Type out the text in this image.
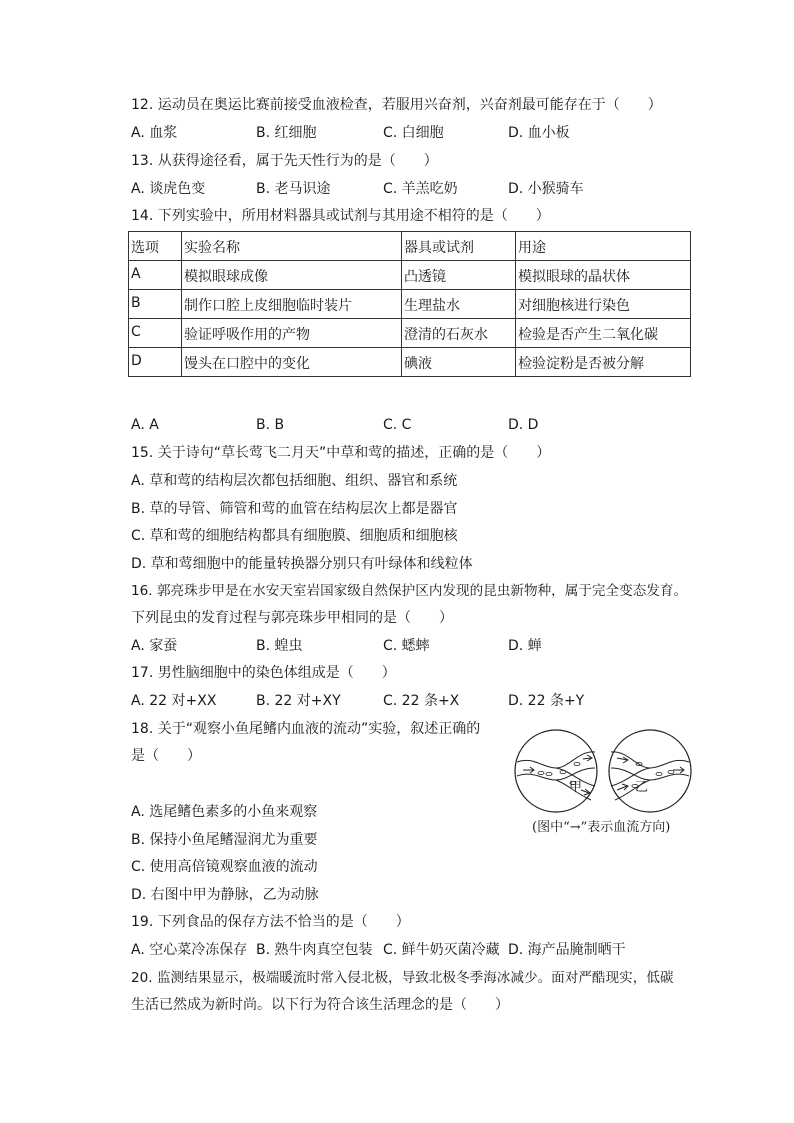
12. 运动员在奥运比赛前接受血液检查，若服用兴奋剂，兴奋剂最可能存在于（　　）
A. 血浆	B. 红细胞	C. 白细胞	D. 血小板
13. 从获得途径看，属于先天性行为的是（　　）
A. 谈虎色变	B. 老马识途	C. 羊羔吃奶	D. 小猴骑车
14. 下列实验中，所用材料器具或试剂与其用途不相符的是（　　）
选项	实验名称	器具或试剂	用途
A	模拟眼球成像	凸透镜	模拟眼球的晶状体
B	制作口腔上皮细胞临时装片	生理盐水	对细胞核进行染色
C	验证呼吸作用的产物	澄清的石灰水	检验是否产生二氧化碳
D	馒头在口腔中的变化	碘液	检验淀粉是否被分解
A. A	B. B	C. C	D. D
15. 关于诗句“草长莺飞二月天”中草和莺的描述，正确的是（　　）
A. 草和莺的结构层次都包括细胞、组织、器官和系统
B. 草的导管、筛管和莺的血管在结构层次上都是器官
C. 草和莺的细胞结构都具有细胞膜、细胞质和细胞核
D. 草和莺细胞中的能量转换器分别只有叶绿体和线粒体
16. 郭亮珠步甲是在水安天室岩国家级自然保护区内发现的昆虫新物种，属于完全变态发育。
下列昆虫的发育过程与郭亮珠步甲相同的是（　　）
A. 家蚕	B. 蝗虫	C. 蟋蟀	D. 蝉
17. 男性脑细胞中的染色体组成是（　　）
A. 22 对+XX	B. 22 对+XY	C. 22 条+X	D. 22 条+Y
18. 关于“观察小鱼尾鳍内血液的流动”实验，叙述正确的
是（　　）
A. 选尾鳍色素多的小鱼来观察
B. 保持小鱼尾鳍湿润尤为重要
C. 使用高倍镜观察血液的流动
D. 右图中甲为静脉，乙为动脉
甲	乙
(图中“→”表示血流方向)
19. 下列食品的保存方法不恰当的是（　　）
A. 空心菜冷冻保存 B. 熟牛肉真空包装 C. 鲜牛奶灭菌冷藏 D. 海产品腌制晒干
20. 监测结果显示，极端暖流时常入侵北极，导致北极冬季海冰减少。面对严酷现实，低碳
生活已然成为新时尚。以下行为符合该生活理念的是（　　）
